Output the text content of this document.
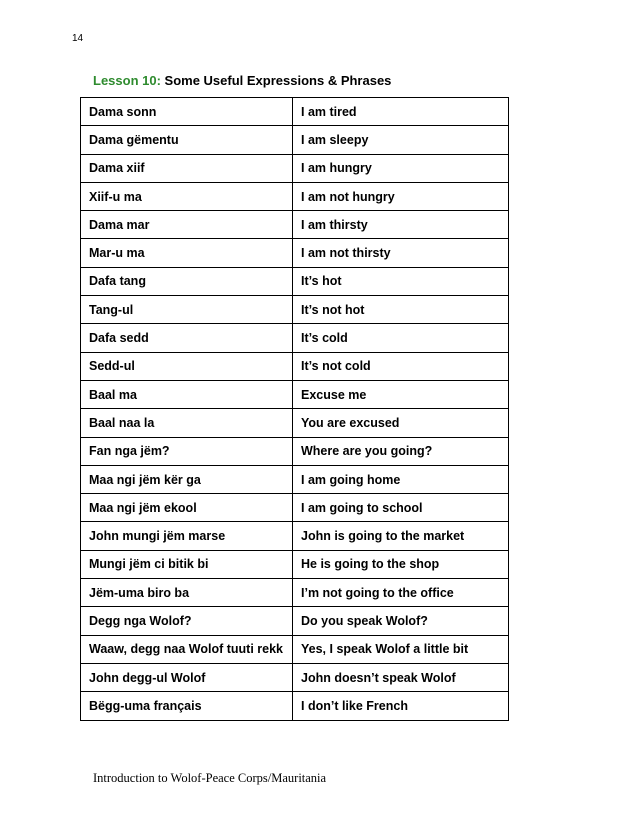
14
Lesson 10: Some Useful Expressions & Phrases
Dama sonn	I am tired
Dama gëmentu	I am sleepy
Dama xiif	I am hungry
Xiif-u ma	I am not hungry
Dama mar	I am thirsty
Mar-u ma	I am not thirsty
Dafa tang	It’s hot
Tang-ul	It’s not hot
Dafa sedd	It’s cold
Sedd-ul	It’s not cold
Baal ma	Excuse me
Baal naa la	You are excused
Fan nga jëm?	Where are you going?
Maa ngi jëm kër ga	I am going home
Maa ngi jëm ekool	I am going to school
John mungi jëm marse	John is going to the market
Mungi jëm ci bitik bi	He is going to the shop
Jëm-uma biro ba	I’m not going to the office
Degg nga Wolof?	Do you speak Wolof?
Waaw, degg naa Wolof tuuti rekk	Yes, I speak Wolof a little bit
John degg-ul Wolof	John doesn’t speak Wolof
Bëgg-uma français	I don’t like French
Introduction to Wolof-Peace Corps/Mauritania
